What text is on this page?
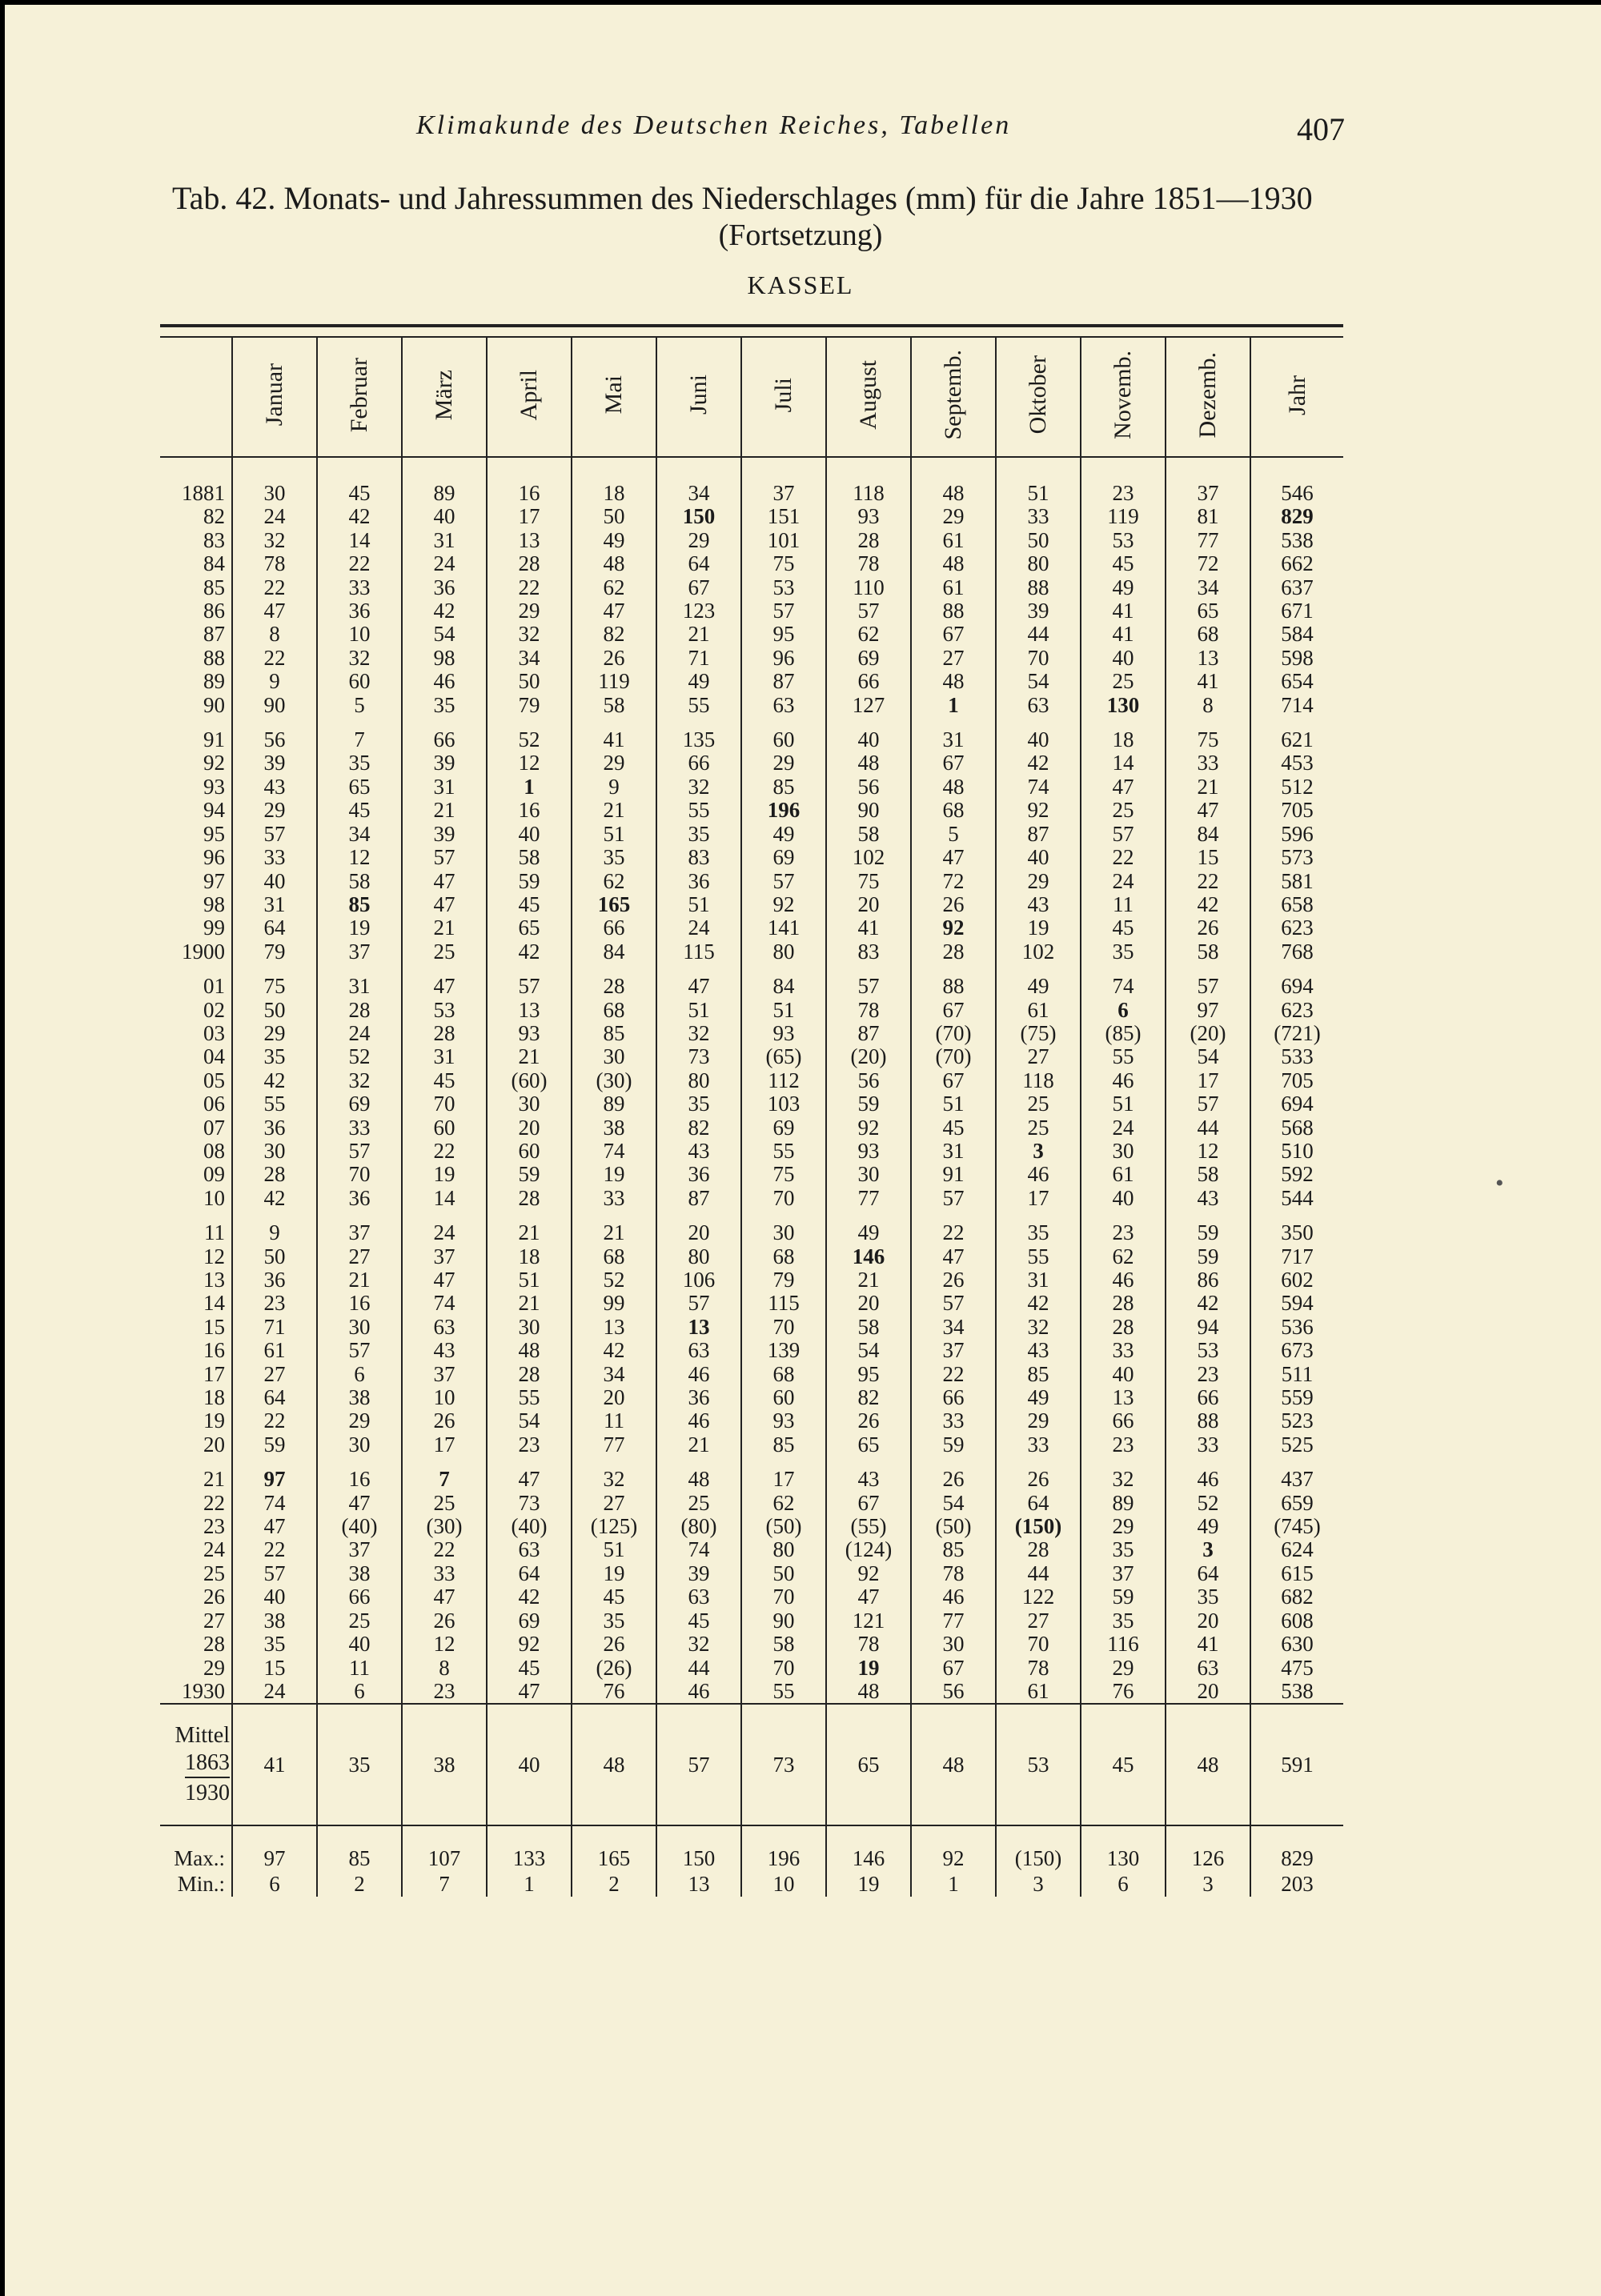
Klimakunde des Deutschen Reiches, Tabellen	407
Tab. 42. Monats- und Jahressummen des Niederschlages (mm) für die Jahre 1851—1930
(Fortsetzung)
KASSEL
	Januar	Februar	März	April	Mai	Juni	Juli	August	Septemb.	Oktober	Novemb.	Dezemb.	Jahr
1881	30	45	89	16	18	34	37	118	48	51	23	37	546
82	24	42	40	17	50	150	151	93	29	33	119	81	829
83	32	14	31	13	49	29	101	28	61	50	53	77	538
84	78	22	24	28	48	64	75	78	48	80	45	72	662
85	22	33	36	22	62	67	53	110	61	88	49	34	637
86	47	36	42	29	47	123	57	57	88	39	41	65	671
87	8	10	54	32	82	21	95	62	67	44	41	68	584
88	22	32	98	34	26	71	96	69	27	70	40	13	598
89	9	60	46	50	119	49	87	66	48	54	25	41	654
90	90	5	35	79	58	55	63	127	1	63	130	8	714
91	56	7	66	52	41	135	60	40	31	40	18	75	621
92	39	35	39	12	29	66	29	48	67	42	14	33	453
93	43	65	31	1	9	32	85	56	48	74	47	21	512
94	29	45	21	16	21	55	196	90	68	92	25	47	705
95	57	34	39	40	51	35	49	58	5	87	57	84	596
96	33	12	57	58	35	83	69	102	47	40	22	15	573
97	40	58	47	59	62	36	57	75	72	29	24	22	581
98	31	85	47	45	165	51	92	20	26	43	11	42	658
99	64	19	21	65	66	24	141	41	92	19	45	26	623
1900	79	37	25	42	84	115	80	83	28	102	35	58	768
01	75	31	47	57	28	47	84	57	88	49	74	57	694
02	50	28	53	13	68	51	51	78	67	61	6	97	623
03	29	24	28	93	85	32	93	87	(70)	(75)	(85)	(20)	(721)
04	35	52	31	21	30	73	(65)	(20)	(70)	27	55	54	533
05	42	32	45	(60)	(30)	80	112	56	67	118	46	17	705
06	55	69	70	30	89	35	103	59	51	25	51	57	694
07	36	33	60	20	38	82	69	92	45	25	24	44	568
08	30	57	22	60	74	43	55	93	31	3	30	12	510
09	28	70	19	59	19	36	75	30	91	46	61	58	592
10	42	36	14	28	33	87	70	77	57	17	40	43	544
11	9	37	24	21	21	20	30	49	22	35	23	59	350
12	50	27	37	18	68	80	68	146	47	55	62	59	717
13	36	21	47	51	52	106	79	21	26	31	46	86	602
14	23	16	74	21	99	57	115	20	57	42	28	42	594
15	71	30	63	30	13	13	70	58	34	32	28	94	536
16	61	57	43	48	42	63	139	54	37	43	33	53	673
17	27	6	37	28	34	46	68	95	22	85	40	23	511
18	64	38	10	55	20	36	60	82	66	49	13	66	559
19	22	29	26	54	11	46	93	26	33	29	66	88	523
20	59	30	17	23	77	21	85	65	59	33	23	33	525
21	97	16	7	47	32	48	17	43	26	26	32	46	437
22	74	47	25	73	27	25	62	67	54	64	89	52	659
23	47	(40)	(30)	(40)	(125)	(80)	(50)	(55)	(50)	(150)	29	49	(745)
24	22	37	22	63	51	74	80	(124)	85	28	35	3	624
25	57	38	33	64	19	39	50	92	78	44	37	64	615
26	40	66	47	42	45	63	70	47	46	122	59	35	682
27	38	25	26	69	35	45	90	121	77	27	35	20	608
28	35	40	12	92	26	32	58	78	30	70	116	41	630
29	15	11	8	45	(26)	44	70	19	67	78	29	63	475
1930	24	6	23	47	76	46	55	48	56	61	76	20	538

Mittel
1863
1930	41	35	38	40	48	57	73	65	48	53	45	48	591
Max.:	97	85	107	133	165	150	196	146	92	(150)	130	126	829
Min.:	6	2	7	1	2	13	10	19	1	3	6	3	203
•
